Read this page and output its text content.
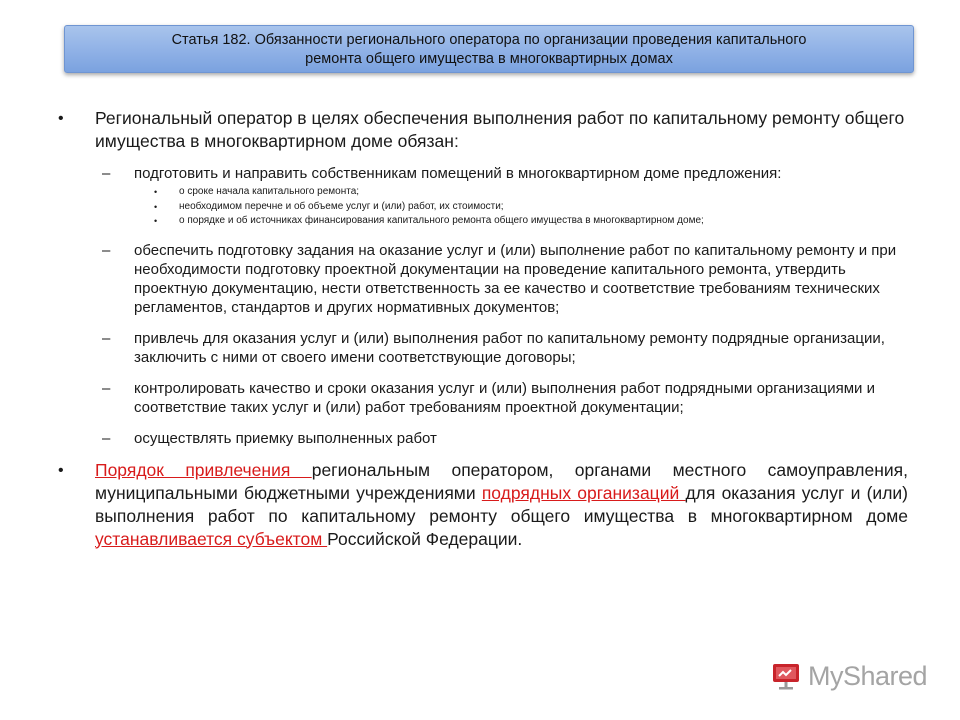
Статья 182. Обязанности регионального оператора по организации проведения капитального
ремонта общего имущества в многоквартирных домах
• Региональный оператор в целях обеспечения выполнения работ по капитальному ремонту общего имущества в многоквартирном доме обязан:
– подготовить и направить собственникам помещений в многоквартирном доме предложения:
• о сроке начала капитального ремонта;
• необходимом перечне и об объеме услуг и (или) работ, их стоимости;
• о порядке и об источниках финансирования капитального ремонта общего имущества в многоквартирном доме;
– обеспечить подготовку задания на оказание услуг и (или) выполнение работ по капитальному ремонту и при необходимости подготовку проектной документации на проведение капитального ремонта, утвердить проектную документацию, нести ответственность за ее качество и соответствие требованиям технических регламентов, стандартов и других нормативных документов;
– привлечь для оказания услуг и (или) выполнения работ по капитальному ремонту подрядные организации, заключить с ними от своего имени соответствующие договоры;
– контролировать качество и сроки оказания услуг и (или) выполнения работ подрядными организациями и соответствие таких услуг и (или) работ требованиям проектной документации;
– осуществлять приемку выполненных работ
• Порядок привлечения региональным оператором, органами местного самоуправления, муниципальными бюджетными учреждениями подрядных организаций для оказания услуг и (или) выполнения работ по капитальному ремонту общего имущества в многоквартирном доме устанавливается субъектом Российской Федерации.
MyShared
